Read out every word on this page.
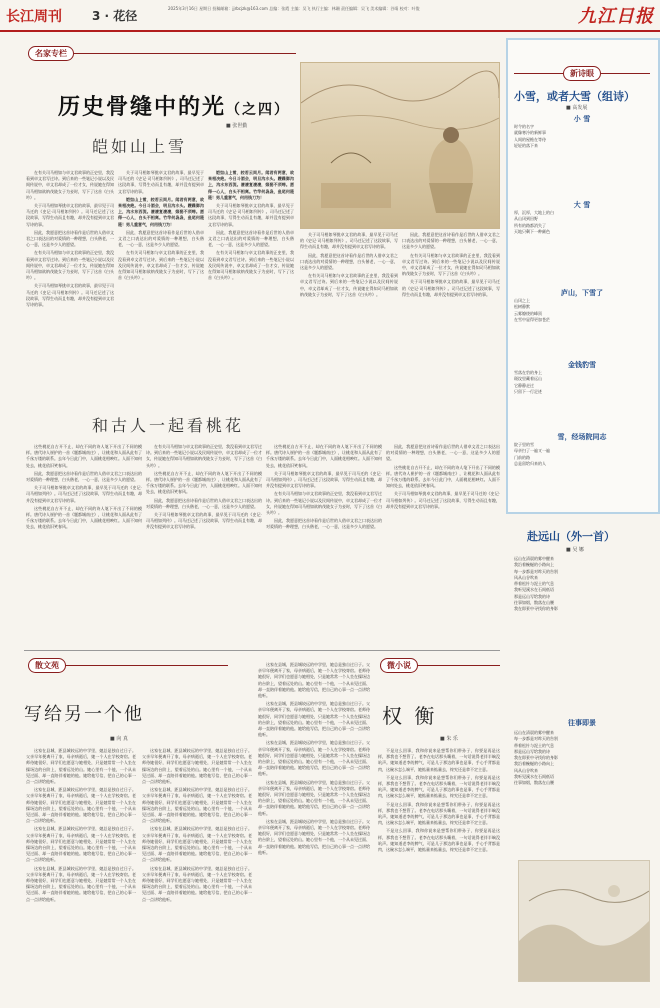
长江周刊	3 · 花径
2025年3月16日 星期日 投稿邮箱：jjrbcjzk@163.com 总编：张霞 主编：吴飞 执行主编：林珊 责任编辑：吴飞 美术编辑：谷靖 校对：叶俊	九江日报
名家专栏
历史骨缝中的光（之四）
■ 张世勤
皑如山上雪

在有关司马相如与卓文君故事的正史里，我没看到卓文君写过诗。到后来的一些笔记小说以及民间传说中，卓文君却成了一位才女，传说她在得知司马相如欲纳茂陵女子为妾时，写下了这首《白头吟》。

关于司马相如琴挑卓文君的故事，最早见于司马迁的《史记·司马相如列传》。司马迁记述了这段故事，写得生动而且有趣，却并没有提到卓文君写诗的事。

因此，我愿意把这首诗看作是后世的人借卓文君之口表达出的对爱情的一种理想，白头偕老，一心一意，这是多少人的愿望。

在有关司马相如与卓文君故事的正史里，我没看到卓文君写过诗。到后来的一些笔记小说以及民间传说中，卓文君却成了一位才女，传说她在得知司马相如欲纳茂陵女子为妾时，写下了这首《白头吟》。

关于司马相如琴挑卓文君的故事，最早见于司马迁的《史记·司马相如列传》。司马迁记述了这段故事，写得生动而且有趣，却并没有提到卓文君写诗的事。

关于司马相如琴挑卓文君的故事，最早见于司马迁的《史记·司马相如列传》。司马迁记述了这段故事，写得生动而且有趣，却并没有提到卓文君写诗的事。

皑如山上雪，皎若云间月。闻君有两意，故来相决绝。今日斗酒会，明旦沟水头。躞蹀御沟上，沟水东西流。凄凄复凄凄，嫁娶不须啼。愿得一心人，白头不相离。竹竿何袅袅，鱼尾何簁簁！男儿重意气，何用钱刀为！

因此，我愿意把这首诗看作是后世的人借卓文君之口表达出的对爱情的一种理想，白头偕老，一心一意，这是多少人的愿望。

在有关司马相如与卓文君故事的正史里，我没看到卓文君写过诗。到后来的一些笔记小说以及民间传说中，卓文君却成了一位才女，传说她在得知司马相如欲纳茂陵女子为妾时，写下了这首《白头吟》。

皑如山上雪，皎若云间月。闻君有两意，故来相决绝。今日斗酒会，明旦沟水头。躞蹀御沟上，沟水东西流。凄凄复凄凄，嫁娶不须啼。愿得一心人，白头不相离。竹竿何袅袅，鱼尾何簁簁！男儿重意气，何用钱刀为！

关于司马相如琴挑卓文君的故事，最早见于司马迁的《史记·司马相如列传》。司马迁记述了这段故事，写得生动而且有趣，却并没有提到卓文君写诗的事。

因此，我愿意把这首诗看作是后世的人借卓文君之口表达出的对爱情的一种理想，白头偕老，一心一意，这是多少人的愿望。

在有关司马相如与卓文君故事的正史里，我没看到卓文君写过诗。到后来的一些笔记小说以及民间传说中，卓文君却成了一位才女，传说她在得知司马相如欲纳茂陵女子为妾时，写下了这首《白头吟》。

关于司马相如琴挑卓文君的故事，最早见于司马迁的《史记·司马相如列传》。司马迁记述了这段故事，写得生动而且有趣，却并没有提到卓文君写诗的事。

因此，我愿意把这首诗看作是后世的人借卓文君之口表达出的对爱情的一种理想，白头偕老，一心一意，这是多少人的愿望。

在有关司马相如与卓文君故事的正史里，我没看到卓文君写过诗。到后来的一些笔记小说以及民间传说中，卓文君却成了一位才女，传说她在得知司马相如欲纳茂陵女子为妾时，写下了这首《白头吟》。

因此，我愿意把这首诗看作是后世的人借卓文君之口表达出的对爱情的一种理想，白头偕老，一心一意，这是多少人的愿望。

在有关司马相如与卓文君故事的正史里，我没看到卓文君写过诗。到后来的一些笔记小说以及民间传说中，卓文君却成了一位才女，传说她在得知司马相如欲纳茂陵女子为妾时，写下了这首《白头吟》。

关于司马相如琴挑卓文君的故事，最早见于司马迁的《史记·司马相如列传》。司马迁记述了这段故事，写得生动而且有趣，却并没有提到卓文君写诗的事。

和古人一起看桃花

这些桃花自古开不止，却在不同的诗人笔下开出了不同的模样。唐代诗人崔护的一首《题都城南庄》，让桃花和人面从此有了千丝万缕的联系。去年今日此门中，人面桃花相映红。人面不知何处去，桃花依旧笑春风。

因此，我愿意把这首诗看作是后世的人借卓文君之口表达出的对爱情的一种理想，白头偕老，一心一意，这是多少人的愿望。

关于司马相如琴挑卓文君的故事，最早见于司马迁的《史记·司马相如列传》。司马迁记述了这段故事，写得生动而且有趣，却并没有提到卓文君写诗的事。

这些桃花自古开不止，却在不同的诗人笔下开出了不同的模样。唐代诗人崔护的一首《题都城南庄》，让桃花和人面从此有了千丝万缕的联系。去年今日此门中，人面桃花相映红。人面不知何处去，桃花依旧笑春风。

在有关司马相如与卓文君故事的正史里，我没看到卓文君写过诗。到后来的一些笔记小说以及民间传说中，卓文君却成了一位才女，传说她在得知司马相如欲纳茂陵女子为妾时，写下了这首《白头吟》。

这些桃花自古开不止，却在不同的诗人笔下开出了不同的模样。唐代诗人崔护的一首《题都城南庄》，让桃花和人面从此有了千丝万缕的联系。去年今日此门中，人面桃花相映红。人面不知何处去，桃花依旧笑春风。

因此，我愿意把这首诗看作是后世的人借卓文君之口表达出的对爱情的一种理想，白头偕老，一心一意，这是多少人的愿望。

关于司马相如琴挑卓文君的故事，最早见于司马迁的《史记·司马相如列传》。司马迁记述了这段故事，写得生动而且有趣，却并没有提到卓文君写诗的事。

这些桃花自古开不止，却在不同的诗人笔下开出了不同的模样。唐代诗人崔护的一首《题都城南庄》，让桃花和人面从此有了千丝万缕的联系。去年今日此门中，人面桃花相映红。人面不知何处去，桃花依旧笑春风。

关于司马相如琴挑卓文君的故事，最早见于司马迁的《史记·司马相如列传》。司马迁记述了这段故事，写得生动而且有趣，却并没有提到卓文君写诗的事。

在有关司马相如与卓文君故事的正史里，我没看到卓文君写过诗。到后来的一些笔记小说以及民间传说中，卓文君却成了一位才女，传说她在得知司马相如欲纳茂陵女子为妾时，写下了这首《白头吟》。

因此，我愿意把这首诗看作是后世的人借卓文君之口表达出的对爱情的一种理想，白头偕老，一心一意，这是多少人的愿望。

因此，我愿意把这首诗看作是后世的人借卓文君之口表达出的对爱情的一种理想，白头偕老，一心一意，这是多少人的愿望。

这些桃花自古开不止，却在不同的诗人笔下开出了不同的模样。唐代诗人崔护的一首《题都城南庄》，让桃花和人面从此有了千丝万缕的联系。去年今日此门中，人面桃花相映红。人面不知何处去，桃花依旧笑春风。

关于司马相如琴挑卓文君的故事，最早见于司马迁的《史记·司马相如列传》。司马迁记述了这段故事，写得生动而且有趣，却并没有提到卓文君写诗的事。

散文苑
写给另一个他
■ 向 真

这家在县城，距县城较远的中学里，她总是独自过日子。父亲早年便离开了家，母亲病逝后，她一个人在学校寄宿。老师待她很好，同学们也愿意与她相处，只是她常常一个人坐在操场边的台阶上，望着远处的山。她心里有一个他，一个从未见过面、却一直陪伴着她的他。她给他写信，把自己的心事一点一点讲给他听。

这家在县城，距县城较远的中学里，她总是独自过日子。父亲早年便离开了家，母亲病逝后，她一个人在学校寄宿。老师待她很好，同学们也愿意与她相处，只是她常常一个人坐在操场边的台阶上，望着远处的山。她心里有一个他，一个从未见过面、却一直陪伴着她的他。她给他写信，把自己的心事一点一点讲给他听。

这家在县城，距县城较远的中学里，她总是独自过日子。父亲早年便离开了家，母亲病逝后，她一个人在学校寄宿。老师待她很好，同学们也愿意与她相处，只是她常常一个人坐在操场边的台阶上，望着远处的山。她心里有一个他，一个从未见过面、却一直陪伴着她的他。她给他写信，把自己的心事一点一点讲给他听。

这家在县城，距县城较远的中学里，她总是独自过日子。父亲早年便离开了家，母亲病逝后，她一个人在学校寄宿。老师待她很好，同学们也愿意与她相处，只是她常常一个人坐在操场边的台阶上，望着远处的山。她心里有一个他，一个从未见过面、却一直陪伴着她的他。她给他写信，把自己的心事一点一点讲给他听。

这家在县城，距县城较远的中学里，她总是独自过日子。父亲早年便离开了家，母亲病逝后，她一个人在学校寄宿。老师待她很好，同学们也愿意与她相处，只是她常常一个人坐在操场边的台阶上，望着远处的山。她心里有一个他，一个从未见过面、却一直陪伴着她的他。她给他写信，把自己的心事一点一点讲给他听。

这家在县城，距县城较远的中学里，她总是独自过日子。父亲早年便离开了家，母亲病逝后，她一个人在学校寄宿。老师待她很好，同学们也愿意与她相处，只是她常常一个人坐在操场边的台阶上，望着远处的山。她心里有一个他，一个从未见过面、却一直陪伴着她的他。她给他写信，把自己的心事一点一点讲给他听。

这家在县城，距县城较远的中学里，她总是独自过日子。父亲早年便离开了家，母亲病逝后，她一个人在学校寄宿。老师待她很好，同学们也愿意与她相处，只是她常常一个人坐在操场边的台阶上，望着远处的山。她心里有一个他，一个从未见过面、却一直陪伴着她的他。她给他写信，把自己的心事一点一点讲给他听。

这家在县城，距县城较远的中学里，她总是独自过日子。父亲早年便离开了家，母亲病逝后，她一个人在学校寄宿。老师待她很好，同学们也愿意与她相处，只是她常常一个人坐在操场边的台阶上，望着远处的山。她心里有一个他，一个从未见过面、却一直陪伴着她的他。她给他写信，把自己的心事一点一点讲给他听。

这家在县城，距县城较远的中学里，她总是独自过日子。父亲早年便离开了家，母亲病逝后，她一个人在学校寄宿。老师待她很好，同学们也愿意与她相处，只是她常常一个人坐在操场边的台阶上，望着远处的山。她心里有一个他，一个从未见过面、却一直陪伴着她的他。她给他写信，把自己的心事一点一点讲给他听。

这家在县城，距县城较远的中学里，她总是独自过日子。父亲早年便离开了家，母亲病逝后，她一个人在学校寄宿。老师待她很好，同学们也愿意与她相处，只是她常常一个人坐在操场边的台阶上，望着远处的山。她心里有一个他，一个从未见过面、却一直陪伴着她的他。她给他写信，把自己的心事一点一点讲给他听。

这家在县城，距县城较远的中学里，她总是独自过日子。父亲早年便离开了家，母亲病逝后，她一个人在学校寄宿。老师待她很好，同学们也愿意与她相处，只是她常常一个人坐在操场边的台阶上，望着远处的山。她心里有一个他，一个从未见过面、却一直陪伴着她的他。她给他写信，把自己的心事一点一点讲给他听。

这家在县城，距县城较远的中学里，她总是独自过日子。父亲早年便离开了家，母亲病逝后，她一个人在学校寄宿。老师待她很好，同学们也愿意与她相处，只是她常常一个人坐在操场边的台阶上，望着远处的山。她心里有一个他，一个从未见过面、却一直陪伴着她的他。她给他写信，把自己的心事一点一点讲给他听。

这家在县城，距县城较远的中学里，她总是独自过日子。父亲早年便离开了家，母亲病逝后，她一个人在学校寄宿。老师待她很好，同学们也愿意与她相处，只是她常常一个人坐在操场边的台阶上，望着远处的山。她心里有一个他，一个从未见过面、却一直陪伴着她的他。她给他写信，把自己的心事一点一点讲给他听。

微小说
权 衡
■ 朱 乐

不是这么回事，我和你说来是想帮你们带孙子，你要是再是这样，那我也不想管了。老李在电话那头嚷着，一句话说得老伴半晌没吭声。她知道老李的脾气，可是儿子那边的事也是事，手心手背都是肉，这碗水怎么端平，她掂量来掂量去，终究还是拿不定主意。

不是这么回事，我和你说来是想帮你们带孙子，你要是再是这样，那我也不想管了。老李在电话那头嚷着，一句话说得老伴半晌没吭声。她知道老李的脾气，可是儿子那边的事也是事，手心手背都是肉，这碗水怎么端平，她掂量来掂量去，终究还是拿不定主意。

不是这么回事，我和你说来是想帮你们带孙子，你要是再是这样，那我也不想管了。老李在电话那头嚷着，一句话说得老伴半晌没吭声。她知道老李的脾气，可是儿子那边的事也是事，手心手背都是肉，这碗水怎么端平，她掂量来掂量去，终究还是拿不定主意。

不是这么回事，我和你说来是想帮你们带孙子，你要是再是这样，那我也不想管了。老李在电话那头嚷着，一句话说得老伴半晌没吭声。她知道老李的脾气，可是儿子那边的事也是事，手心手背都是肉，这碗水怎么端平，她掂量来掂量去，终究还是拿不定主意。

新诗眼
小雪，或者大雪（组诗）
■ 高发展
小 雪
时令的名字
就像寒冷的新鲜事
人间的屋檐在等待
轻轻的落下来
大 雪
厚，沉厚，大地上的白
从山冈到田野
所有的路都消失了
天地只剩下一种颜色
庐山，下雪了
山冈之上
松树静默
云雾缭绕的峰顶
在雪中显得更加苍茫
金钱豹雪
雪落在豹的身上
斑纹里藏着远山
它静静走过
只留下一行足迹
雪，经场院同志
院子里的雪
母亲扫了一遍又一遍
门前的路
总是留给归来的人
赴远山（外一首）
■ 吴 娜
远山在清晨的雾中醒来
我沿着蜿蜒的小路向上
每一步都是对昨天的告别
风从山谷吹来
带着松针与泥土的气息
我听见溪水在石间低语
那是远山写给我的诗
往事如烟，散落在山腰
我在即景中寻找你的身影
往事即景
远山在清晨的雾中醒来
每一步都是对昨天的告别
带着松针与泥土的气息
那是远山写给我的诗
我在即景中寻找你的身影
我沿着蜿蜒的小路向上
风从山谷吹来
我听见溪水在石间低语
往事如烟，散落在山腰
